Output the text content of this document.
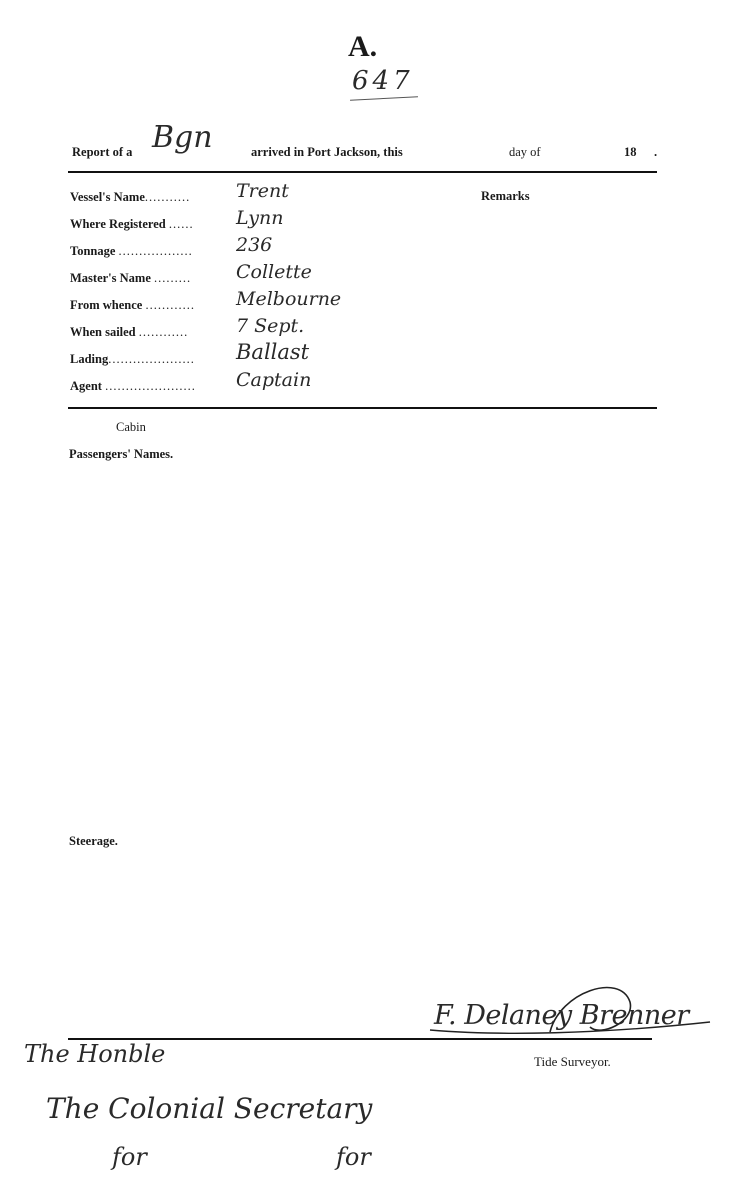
A.
647
Report of a Bgn	arrived in Port Jackson, this	day of	18 .
Vessel's Name........... Trent
Where Registered ...... Lynn
Tonnage .................. 236
Master's Name ......... Collette
From whence ............ Melbourne
When sailed ............	7 Sept.
Lading..................... Ballast
Agent ...................... Captain
Remarks
Cabin
Passengers' Names.
Steerage.
F. Delaney Brenner
Tide Surveyor.
The Honble
The Colonial Secretary
for	for
